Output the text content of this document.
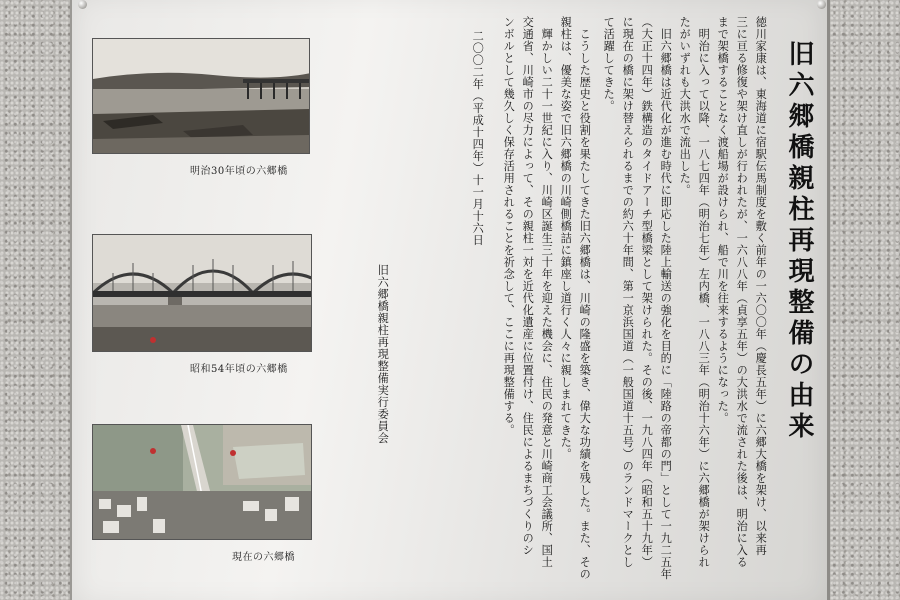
旧六郷橋親柱再現整備の由来
徳川家康は、東海道に宿駅伝馬制度を敷く前年の一六〇〇年（慶長五年）に六郷大橋を架け、以来再
三に亘る修復や架け直しが行われたが、一六八八年（貞享五年）の大洪水で流された後は、明治に入る
まで架橋することなく渡船場が設けられ、船で川を往来するようになった。
明治に入って以降、一八七四年（明治七年）左内橋、一八八三年（明治十六年）に六郷橋が架けられ
たがいずれも大洪水で流出した。
旧六郷橋は近代化が進む時代に即応した陸上輸送の強化を目的に「陸路の帝都の門」として一九二五年
（大正十四年）鉄構造のタイドアーチ型橋梁として架けられた。その後、一九八四年（昭和五十九年）
に現在の橋に架け替えられるまでの約六十年間、第一京浜国道（一般国道十五号）のランドマークとし
て活躍してきた。
こうした歴史と役割を果たしてきた旧六郷橋は、川崎の隆盛を築き、偉大な功績を残した。また、その
親柱は、優美な姿で旧六郷橋の川崎側橋詰に鎮座し道行く人々に親しまれてきた。
輝かしい二十一世紀に入り、川崎区誕生三十年を迎えた機会に、住民の発意と川崎商工会議所、国土
交通省、川崎市の尽力によって、その親柱一対を近代化遺産に位置付け、住民によるまちづくりのシ
ンボルとして幾久しく保存活用されることを祈念して、ここに再現整備する。
二〇〇二年（平成十四年）十一月十六日
旧六郷橋親柱再現整備実行委員会
明治30年頃の六郷橋
昭和54年頃の六郷橋
現在の六郷橋
